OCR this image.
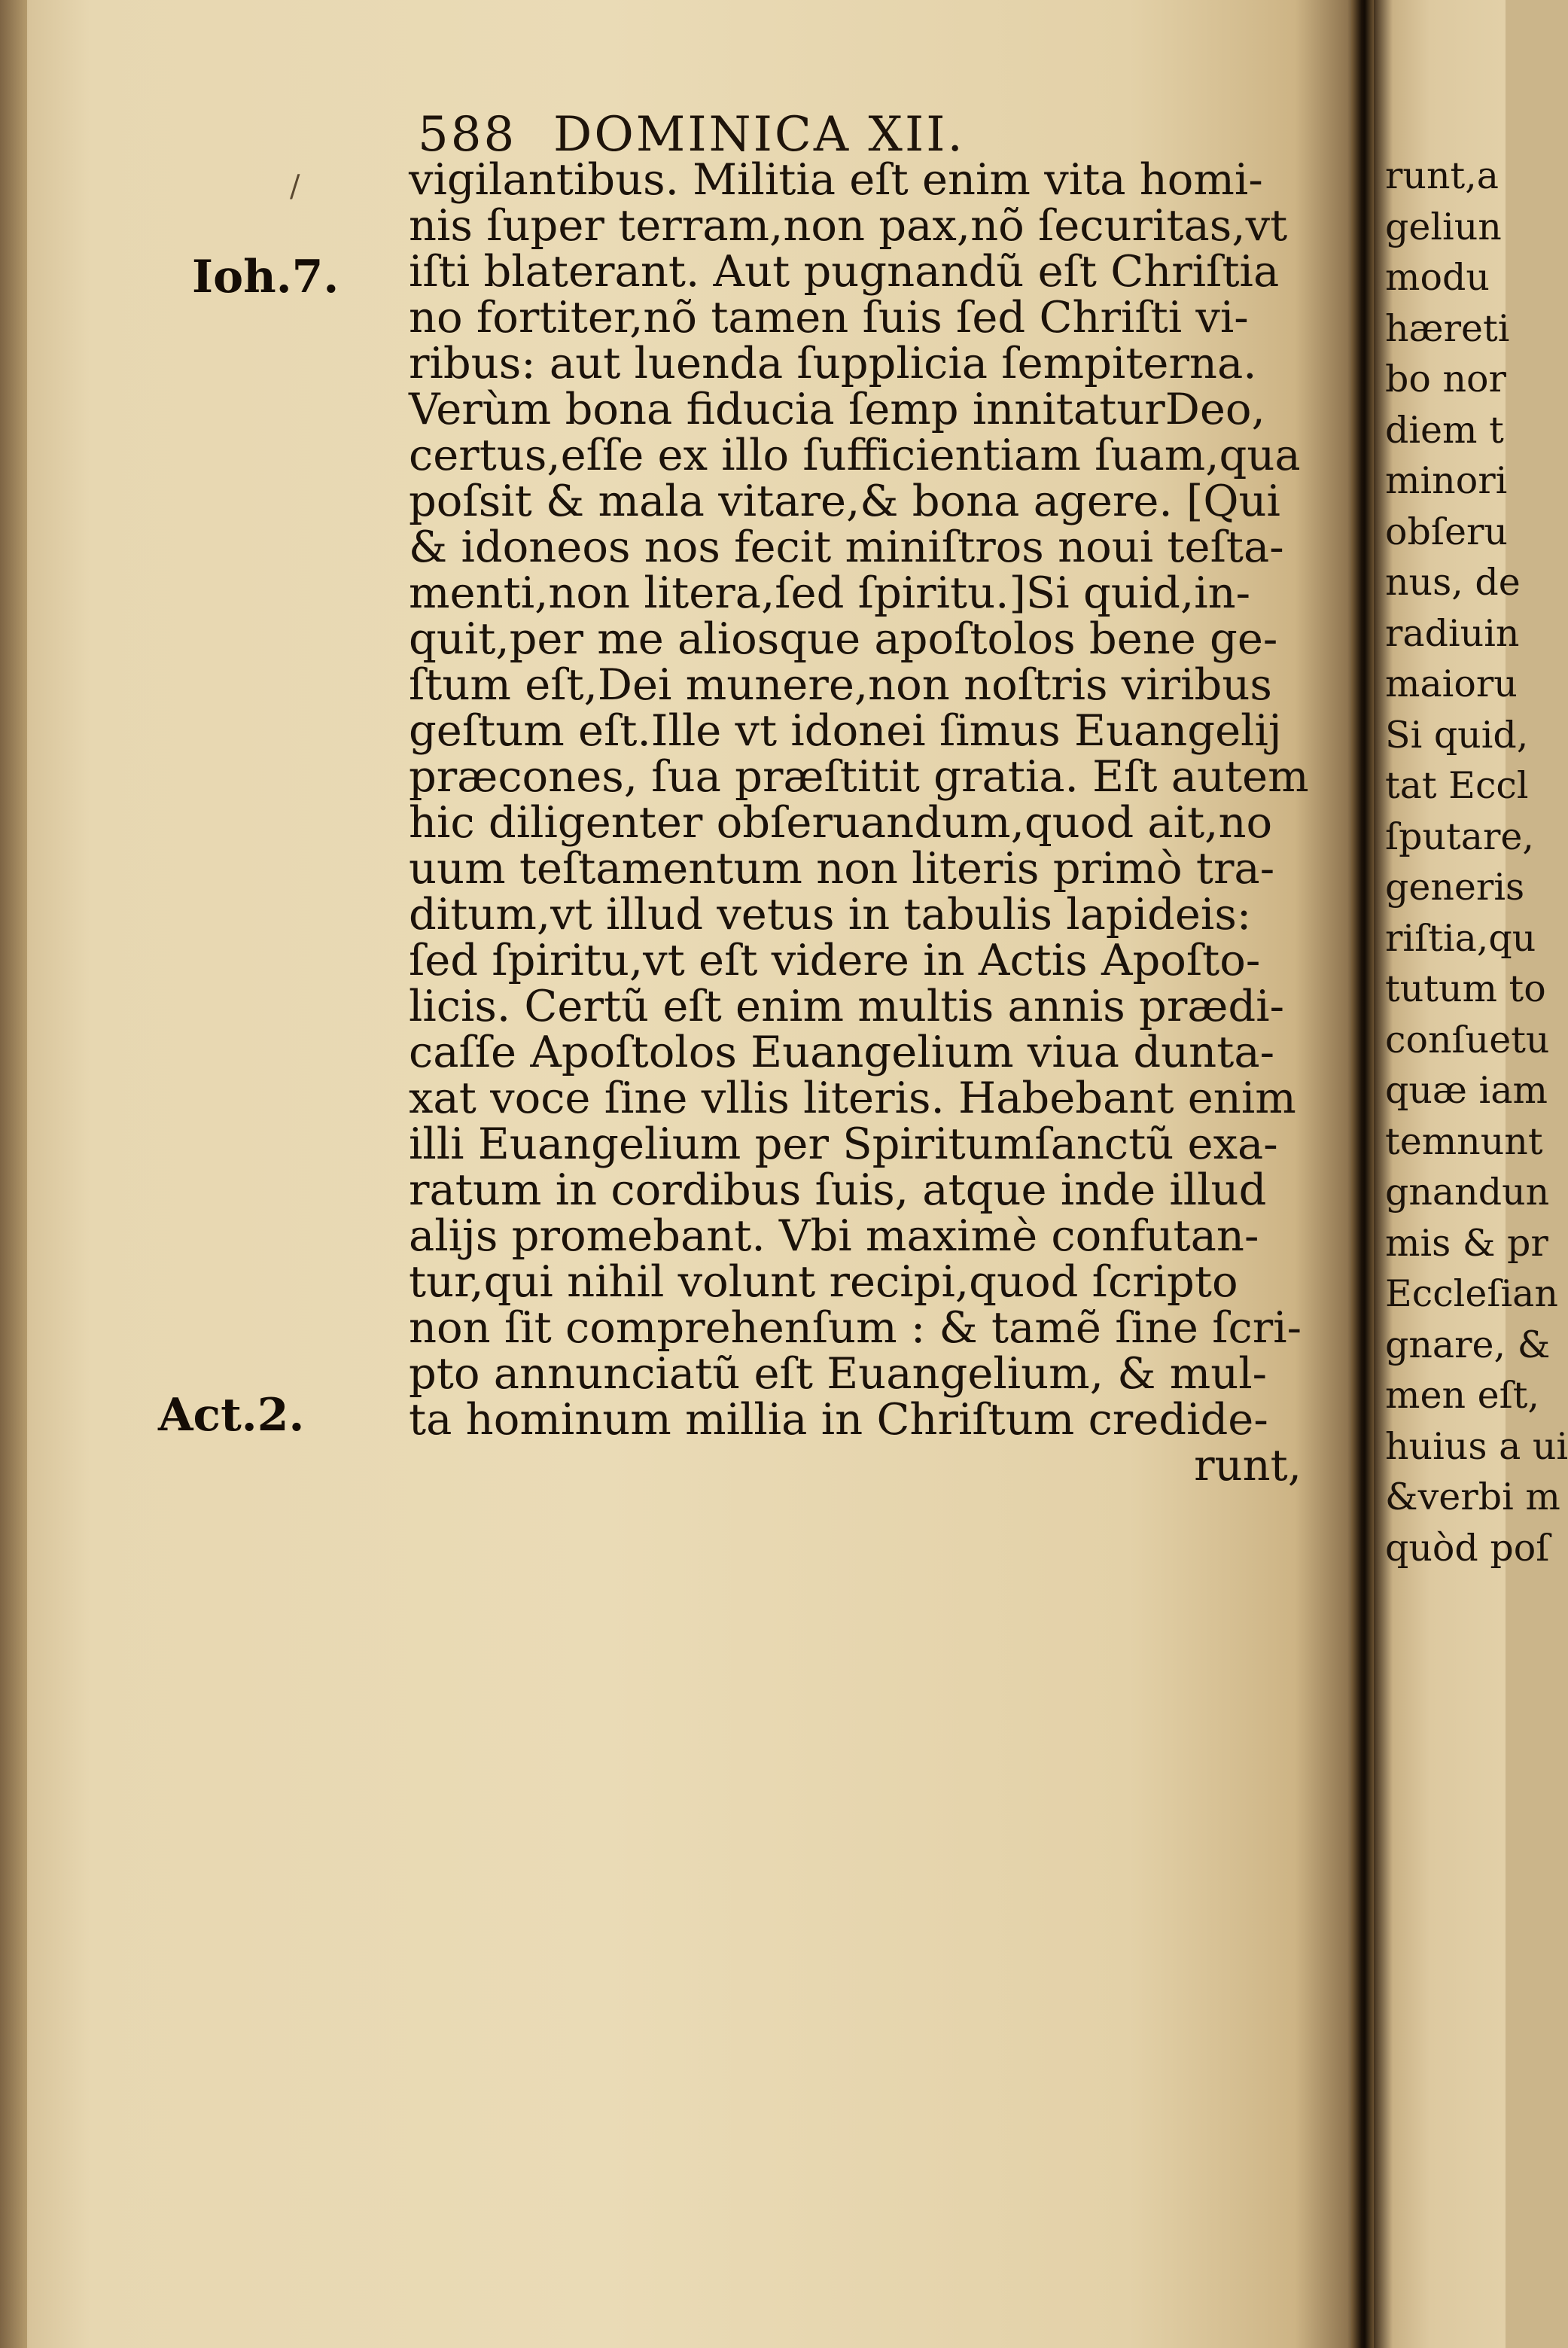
588 DOMINICA XII.
/
Ioh.7.
Act.2.
vigilantibus. Militia eſt enim vita homi-
nis ſuper terram,non pax,nõ ſecuritas,vt
iſti blaterant. Aut pugnandũ eſt Chriſtia
no fortiter,nõ tamen ſuis ſed Chriſti vi-
ribus: aut luenda ſupplicia ſempiterna.
Verùm bona fiducia ſemp innitaturDeo,
certus,eſſe ex illo ſufficientiam ſuam,qua
poſsit & mala vitare,& bona agere. [Qui
& idoneos nos fecit miniſtros noui teſta-
menti,non litera,ſed ſpiritu.]Si quid,in-
quit,per me aliosque apoſtolos bene ge-
ſtum eſt,Dei munere,non noſtris viribus
geſtum eſt.Ille vt idonei ſimus Euangelij
præcones, ſua præſtitit gratia. Eſt autem
hic diligenter obſeruandum,quod ait,no
uum teſtamentum non literis primò tra-
ditum,vt illud vetus in tabulis lapideis:
ſed ſpiritu,vt eſt videre in Actis Apoſto-
licis. Certũ eſt enim multis annis prædi-
caſſe Apoſtolos Euangelium viua dunta-
xat voce ſine vllis literis. Habebant enim
illi Euangelium per Spiritumſanctũ exa-
ratum in cordibus ſuis, atque inde illud
alijs promebant. Vbi maximè confutan-
tur,qui nihil volunt recipi,quod ſcripto
non ſit comprehenſum : & tamẽ ſine ſcri-
pto annunciatũ eſt Euangelium, & mul-
ta hominum millia in Chriſtum credide-
runt,
runt,a
geliun
modu
hæreti
bo nor
diem t
minori
obſeru
nus, de
radiuin
maioru
Si quid,
tat Eccl
ſputare,
generis
riſtia,qu
tutum to
conſuetu
quæ iam
temnunt
gnandun
mis & pr
Eccleſian
gnare, &
men eſt,
huius a ui
&verbi m
quòd poſ
